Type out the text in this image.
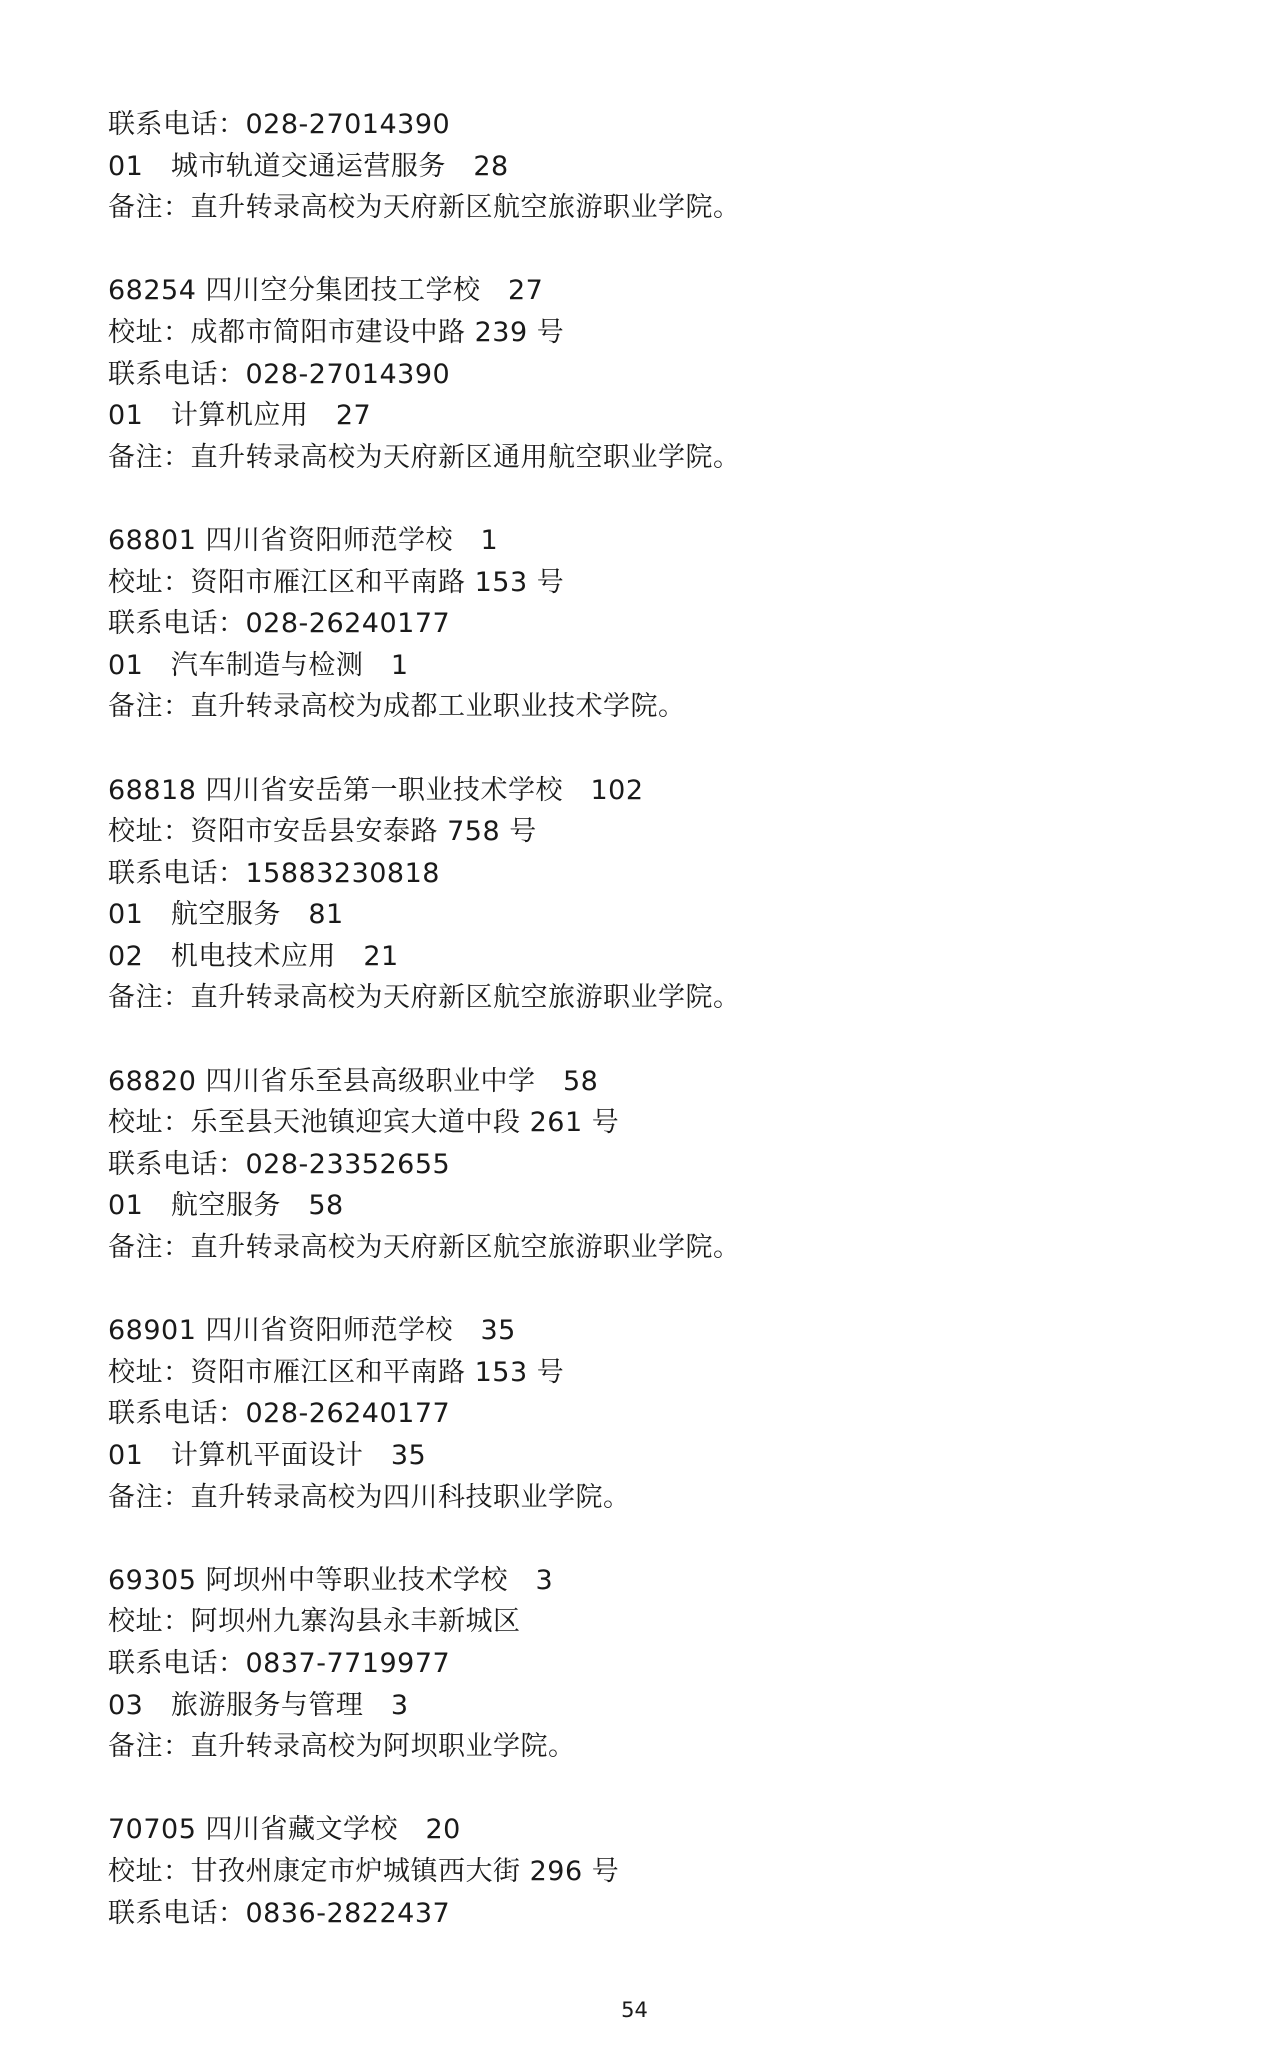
联系电话：028-27014390
01　城市轨道交通运营服务　28
备注：直升转录高校为天府新区航空旅游职业学院。
68254 四川空分集团技工学校　27
校址：成都市简阳市建设中路 239 号
联系电话：028-27014390
01　计算机应用　27
备注：直升转录高校为天府新区通用航空职业学院。
68801 四川省资阳师范学校　1
校址：资阳市雁江区和平南路 153 号
联系电话：028-26240177
01　汽车制造与检测　1
备注：直升转录高校为成都工业职业技术学院。
68818 四川省安岳第一职业技术学校　102
校址：资阳市安岳县安泰路 758 号
联系电话：15883230818
01　航空服务　81
02　机电技术应用　21
备注：直升转录高校为天府新区航空旅游职业学院。
68820 四川省乐至县高级职业中学　58
校址：乐至县天池镇迎宾大道中段 261 号
联系电话：028-23352655
01　航空服务　58
备注：直升转录高校为天府新区航空旅游职业学院。
68901 四川省资阳师范学校　35
校址：资阳市雁江区和平南路 153 号
联系电话：028-26240177
01　计算机平面设计　35
备注：直升转录高校为四川科技职业学院。
69305 阿坝州中等职业技术学校　3
校址：阿坝州九寨沟县永丰新城区
联系电话：0837-7719977
03　旅游服务与管理　3
备注：直升转录高校为阿坝职业学院。
70705 四川省藏文学校　20
校址：甘孜州康定市炉城镇西大街 296 号
联系电话：0836-2822437
54
